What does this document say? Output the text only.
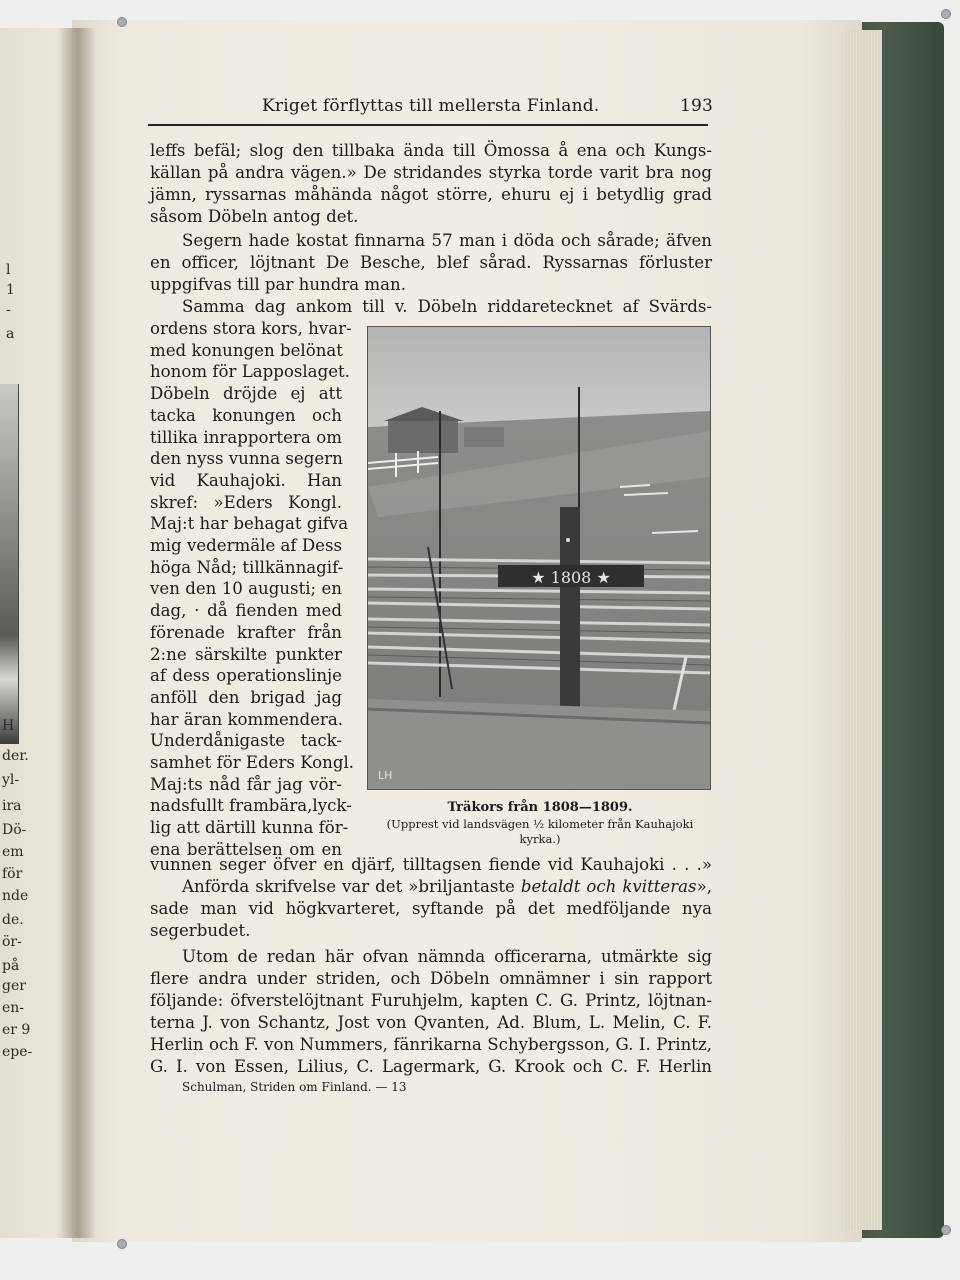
l
1
-
a
H
der.
yl-
ira
Dö-
em
för
nde
de.
ör-
på
ger
en-
er 9
epe-
Kriget förflyttas till mellersta Finland.	193
leffs befäl; slog den tillbaka ända till Ömossa å ena och Kungs-
källan på andra vägen.» De stridandes styrka torde varit bra nog
jämn, ryssarnas måhända något större, ehuru ej i betydlig grad
såsom Döbeln antog det.
Segern hade kostat finnarna 57 man i döda och sårade; äfven
en officer, löjtnant De Besche, blef sårad. Ryssarnas förluster
uppgifvas till par hundra man.
Samma dag ankom till v. Döbeln riddaretecknet af Svärds-
ordens stora kors, hvar-
med konungen belönat
honom för Lapposlaget.
Döbeln dröjde ej att
tacka konungen och
tillika inrapportera om
den nyss vunna segern
vid Kauhajoki. Han
skref: »Eders Kongl.
Maj:t har behagat gifva
mig vedermäle af Dess
höga Nåd; tillkännagif-
ven den 10 augusti; en
dag, · då fienden med
förenade krafter från
2:ne särskilte punkter
af dess operationslinje
anföll den brigad jag
har äran kommendera.
Underdånigaste tack-
samhet för Eders Kongl.
Maj:ts nåd får jag vör-
nadsfullt frambära,lyck-
lig att därtill kunna för-
ena berättelsen om en
vunnen seger öfver en djärf, tilltagsen fiende vid Kauhajoki . . .»
Anförda skrifvelse var det »briljantaste betaldt och kvitteras»,
sade man vid högkvarteret, syftande på det medföljande nya
segerbudet.
Utom de redan här ofvan nämnda officerarna, utmärkte sig
flere andra under striden, och Döbeln omnämner i sin rapport
följande: öfverstelöjtnant Furuhjelm, kapten C. G. Printz, löjtnan-
terna J. von Schantz, Jost von Qvanten, Ad. Blum, L. Melin, C. F.
Herlin och F. von Nummers, fänrikarna Schybergsson, G. I. Printz,
G. I. von Essen, Lilius, C. Lagermark, G. Krook och C. F. Herlin
★ 1808 ★
LH
Träkors från 1808—1809.
(Upprest vid landsvägen ½ kilometer från Kauhajoki
kyrka.)
Schulman, Striden om Finland. — 13
